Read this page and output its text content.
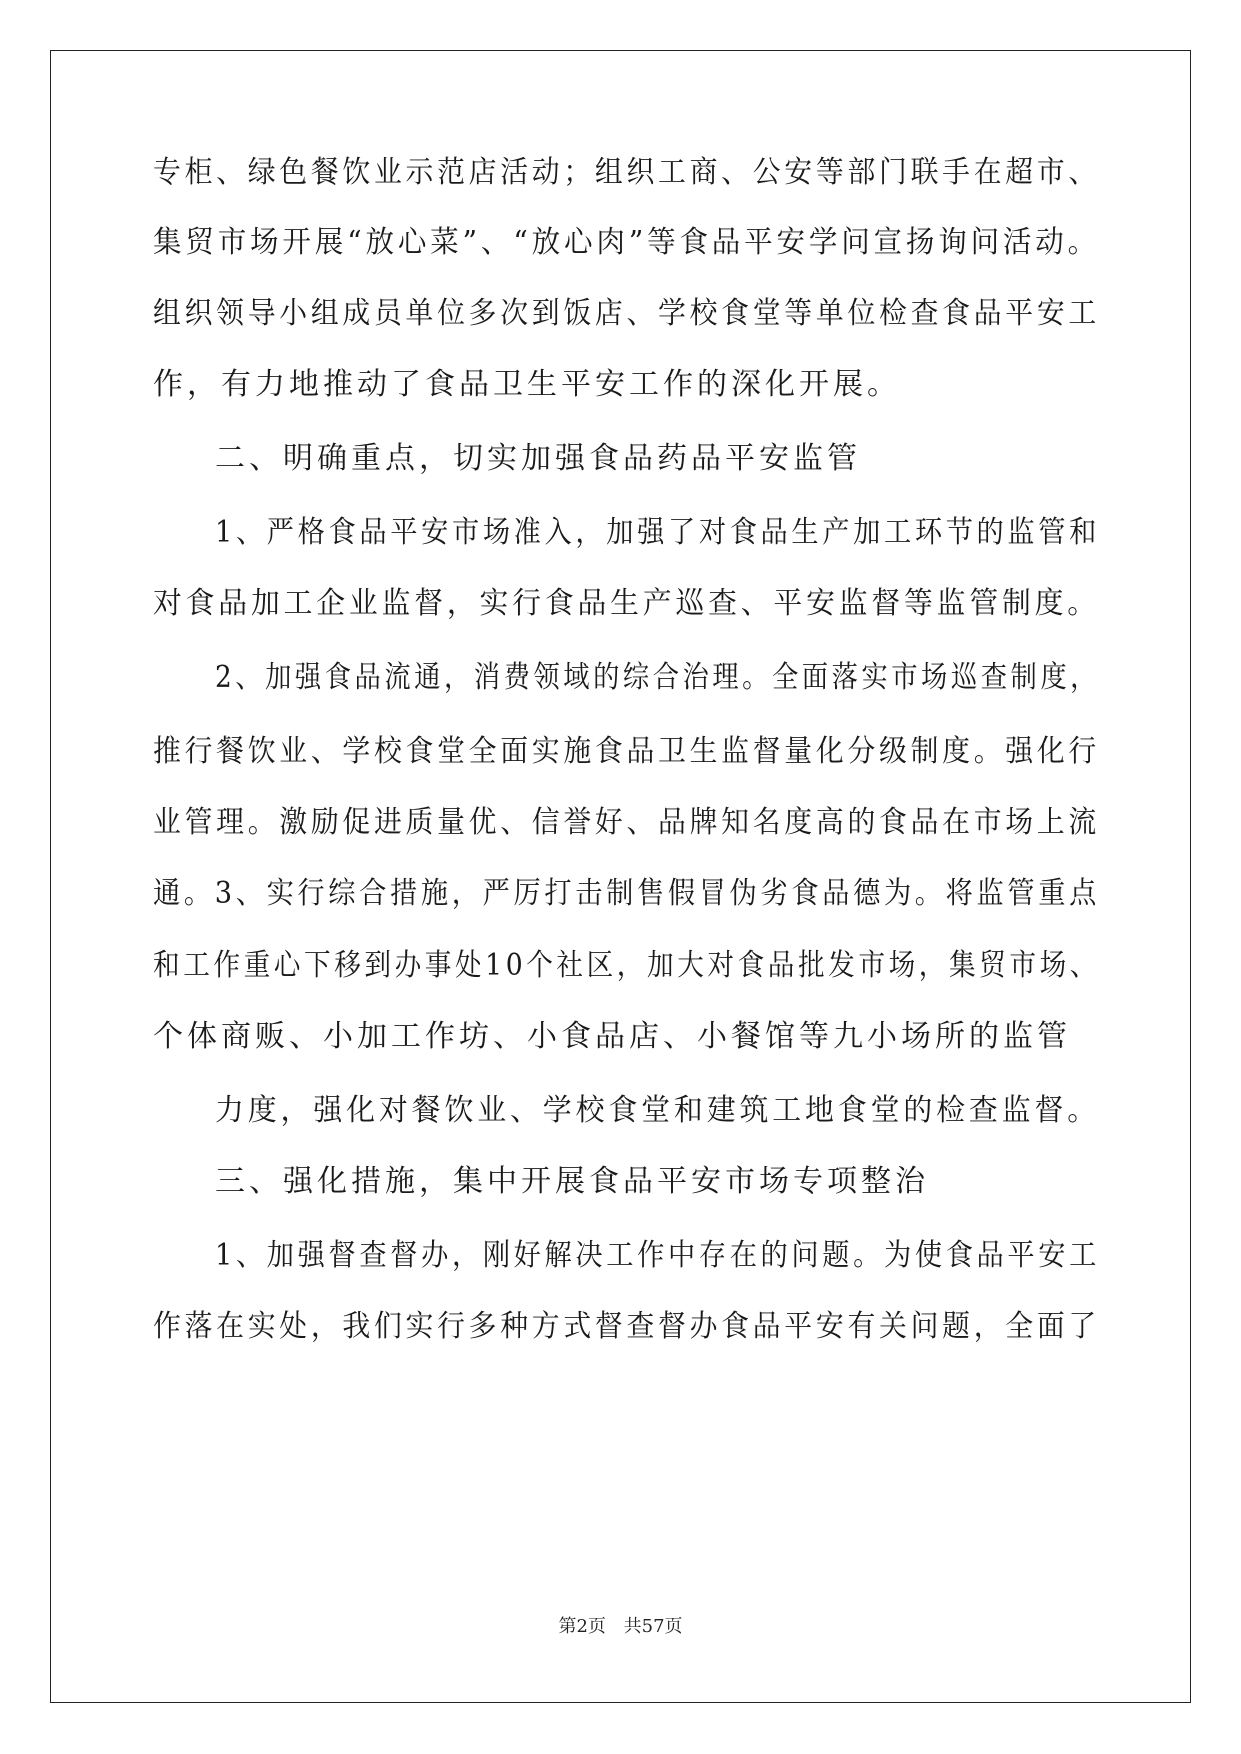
专柜、绿色餐饮业示范店活动；组织工商、公安等部门联手在超市、
集贸市场开展“放心菜”、“放心肉”等食品平安学问宣扬询问活动。
组织领导小组成员单位多次到饭店、学校食堂等单位检查食品平安工
作，有力地推动了食品卫生平安工作的深化开展。
二、明确重点，切实加强食品药品平安监管
1、严格食品平安市场准入，加强了对食品生产加工环节的监管和
对食品加工企业监督，实行食品生产巡查、平安监督等监管制度。
2、加强食品流通，消费领域的综合治理。全面落实市场巡查制度，
推行餐饮业、学校食堂全面实施食品卫生监督量化分级制度。强化行
业管理。激励促进质量优、信誉好、品牌知名度高的食品在市场上流
通。3、实行综合措施，严厉打击制售假冒伪劣食品德为。将监管重点
和工作重心下移到办事处10个社区，加大对食品批发市场，集贸市场、
个体商贩、小加工作坊、小食品店、小餐馆等九小场所的监管
力度，强化对餐饮业、学校食堂和建筑工地食堂的检查监督。
三、强化措施，集中开展食品平安市场专项整治
1、加强督查督办，刚好解决工作中存在的问题。为使食品平安工
作落在实处，我们实行多种方式督查督办食品平安有关问题，全面了
第2页 共57页
